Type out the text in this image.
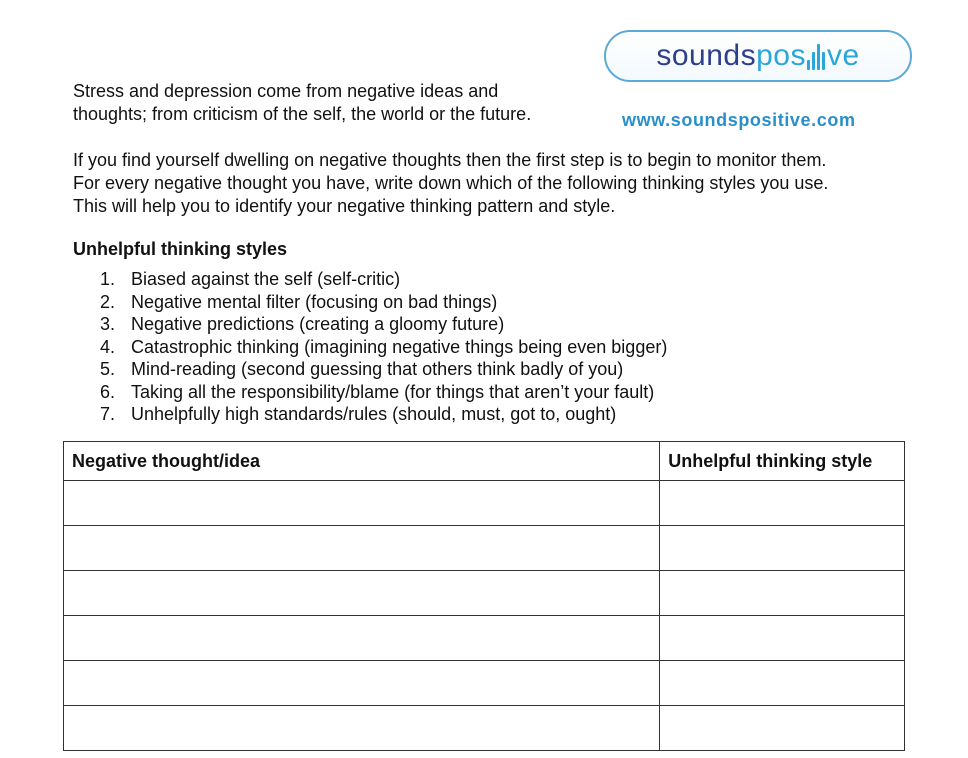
Stress and depression come from negative ideas and

thoughts; from criticism of the self, the world or the future.

sounds pos ve
www.soundspositive.com

If you find yourself dwelling on negative thoughts then the first step is to begin to monitor them.

For every negative thought you have, write down which of the following thinking styles you use.

This will help you to identify your negative thinking pattern and style.

Unhelpful thinking styles
1. Biased against the self (self-critic)
2. Negative mental filter (focusing on bad things)
3. Negative predictions (creating a gloomy future)
4. Catastrophic thinking (imagining negative things being even bigger)
5. Mind-reading (second guessing that others think badly of you)
6. Taking all the responsibility/blame (for things that aren’t your fault)
7. Unhelpfully high standards/rules (should, must, got to, ought)
Negative thought/idea	Unhelpful thinking style
